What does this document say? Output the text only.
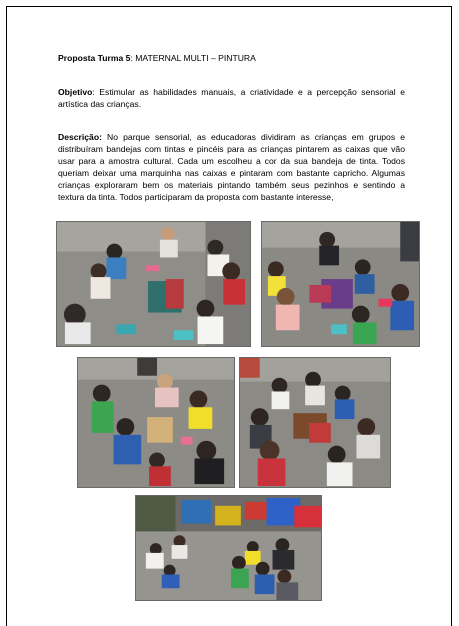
Proposta Turma 5: MATERNAL MULTI – PINTURA
Objetivo: Estimular as habilidades manuais, a criatividade e a percepção sensorial e artística das crianças.
Descrição: No parque sensorial, as educadoras dividiram as crianças em grupos e distribuíram bandejas com tintas e pincéis para as crianças pintarem as caixas que vão usar para a amostra cultural. Cada um escolheu a cor da sua bandeja de tinta. Todos queriam deixar uma marquinha nas caixas e pintaram com bastante capricho. Algumas crianças exploraram bem os materiais pintando também seus pezinhos e sentindo a textura da tinta. Todos participaram da proposta com bastante interesse,
